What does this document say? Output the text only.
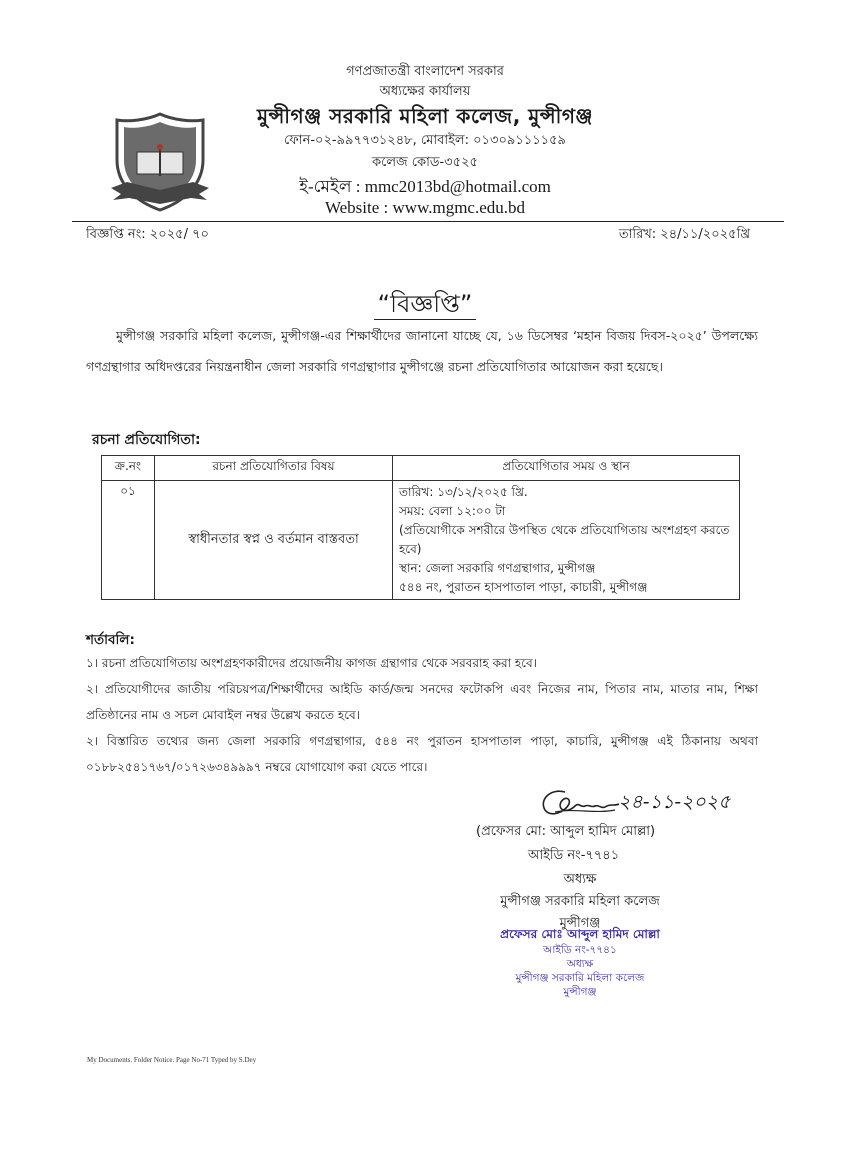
গণপ্রজাতন্ত্রী বাংলাদেশ সরকার
অধ্যক্ষের কার্যালয়
মুন্সীগঞ্জ সরকারি মহিলা কলেজ, মুন্সীগঞ্জ
ফোন-০২-৯৯৭৭৩১২৪৮, মোবাইল: ০১৩০৯১১১১৫৯
কলেজ কোড-৩৫২৫
ই-মেইল : mmc2013bd@hotmail.com
Website : www.mgmc.edu.bd
বিজ্ঞপ্তি নং: ২০২৫/ ৭০	তারিখ: ২৪/১১/২০২৫খ্রি
“বিজ্ঞপ্তি”
মুন্সীগঞ্জ সরকারি মহিলা কলেজ, মুন্সীগঞ্জ-এর শিক্ষার্থীদের জানানো যাচ্ছে যে, ১৬ ডিসেম্বর ‘মহান বিজয় দিবস-২০২৫’ উপলক্ষ্যে গণগ্রন্থাগার অধিদপ্তরের নিয়ন্ত্রনাধীন জেলা সরকারি গণগ্রন্থাগার মুন্সীগঞ্জে রচনা প্রতিযোগিতার আয়োজন করা হয়েছে।
রচনা প্রতিযোগিতা:
ক্র.নং	রচনা প্রতিযোগিতার বিষয়	প্রতিযোগিতার সময় ও স্থান
০১	স্বাধীনতার স্বপ্ন ও বর্তমান বাস্তবতা	তারিখ: ১৩/১২/২০২৫ খ্রি.
সময়: বেলা ১২:০০ টা
(প্রতিযোগীকে সশরীরে উপস্থিত থেকে প্রতিযোগিতায় অংশগ্রহণ করতে হবে)
স্থান: জেলা সরকারি গণগ্রন্থাগার, মুন্সীগঞ্জ
৫৪৪ নং, পুরাতন হাসপাতাল পাড়া, কাচারী, মুন্সীগঞ্জ
শর্তাবলি:
১। রচনা প্রতিযোগিতায় অংশগ্রহণকারীদের প্রয়োজনীয় কাগজ গ্রন্থাগার থেকে সরবরাহ করা হবে।
২। প্রতিযোগীদের জাতীয় পরিচয়পত্র/শিক্ষার্থীদের আইডি কার্ড/জন্ম সনদের ফটোকপি এবং নিজের নাম, পিতার নাম, মাতার নাম, শিক্ষা প্রতিষ্ঠানের নাম ও সচল মোবাইল নম্বর উল্লেখ করতে হবে।
২। বিস্তারিত তথ্যের জন্য জেলা সরকারি গণগ্রন্থাগার, ৫৪৪ নং পুরাতন হাসপাতাল পাড়া, কাচারি, মুন্সীগঞ্জ এই ঠিকানায় অথবা ০১৮৮২৫৪১৭৬৭/০১৭২৬৩৪৯৯৯৭ নম্বরে যোগাযোগ করা যেতে পারে।
২৪-১১-২০২৫
(প্রফেসর মো: আব্দুল হামিদ মোল্লা)
আইডি নং-৭৭৪১
অধ্যক্ষ
মুন্সীগঞ্জ সরকারি মহিলা কলেজ
মুন্সীগঞ্জ
প্রফেসর মোঃ আব্দুল হামিদ মোল্লা
আইডি নং-৭৭৪১
অধ্যক্ষ
মুন্সীগঞ্জ সরকারি মহিলা কলেজ
মুন্সীগঞ্জ
My Documents. Folder Notice. Page No-71 Typed by S.Dey
